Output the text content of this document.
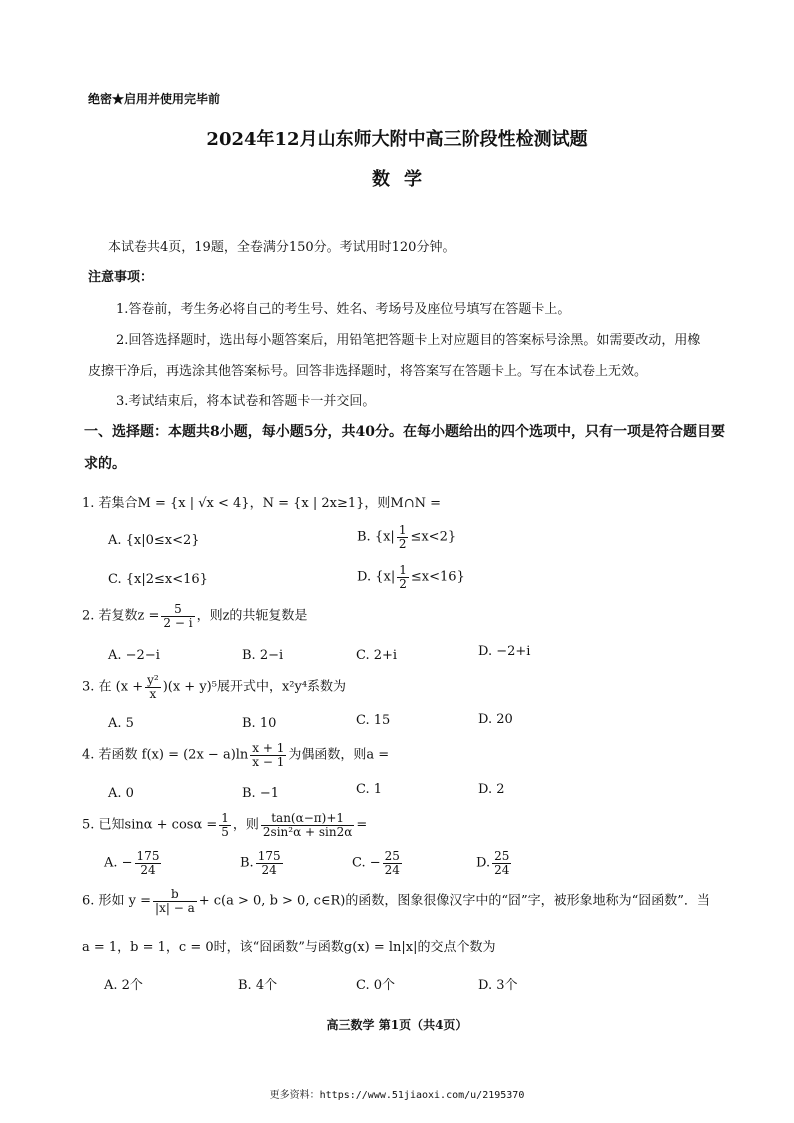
绝密★启用并使用完毕前
2024年12月山东师大附中高三阶段性检测试题
数学
本试卷共4页，19题，全卷满分150分。考试用时120分钟。
注意事项：
1.答卷前，考生务必将自己的考生号、姓名、考场号及座位号填写在答题卡上。
2.回答选择题时，选出每小题答案后，用铅笔把答题卡上对应题目的答案标号涂黑。如需要改动，用橡
皮擦干净后，再选涂其他答案标号。回答非选择题时，将答案写在答题卡上。写在本试卷上无效。
3.考试结束后，将本试卷和答题卡一并交回。
一、选择题：本题共8小题，每小题5分，共40分。在每小题给出的四个选项中，只有一项是符合题目要
求的。
1. 若集合M = {x | √x < 4}，N = {x | 2x≥1}，则M∩N =
A. {x|0≤x<2}	B. $\{x| \frac{1}{2} \le x<2\}$
C. {x|2≤x<16}	D. $\{x| \frac{1}{2} \le x<16\}$
2. 若复数$z = \frac{5}{2 - i}$ ，则z的共轭复数是
A. −2−i	B. 2−i	C. 2+i	D. −2+i
3. 在 $(x + \frac{\text{y²}}{x} )(x + y)^5$展开式中，x²y⁴系数为
A. 5	B. 10	C. 15	D. 20
4. 若函数 $f(x) = (2x - a)\ln \frac{x + 1}{x - 1}$ 为偶函数，则a =
A. 0	B. −1	C. 1	D. 2
5. 已知$\sin\alpha + \cos\alpha = \frac{1}{5}$ ，则 $\frac{\tan(\alpha-\pi)+1}{\text{2sin²α + sin2α}}$ =
A. − $\frac{175}{24}$	B. $\frac{175}{24}$	C. − $\frac{25}{24}$	D. $\frac{25}{24}$
6. 形如 $y = \frac{b}{|x| - a} + c(a > 0$, b > 0, c∈R)的函数，图象很像汉字中的“囧”字，被形象地称为“囧函数”．当
a = 1，b = 1，c = 0时，该“囧函数”与函数g(x) = ln|x|的交点个数为
A. 2个	B. 4个	C. 0个	D. 3个
高三数学 第1页（共4页）
更多资料：https://www.51jiaoxi.com/u/2195370
